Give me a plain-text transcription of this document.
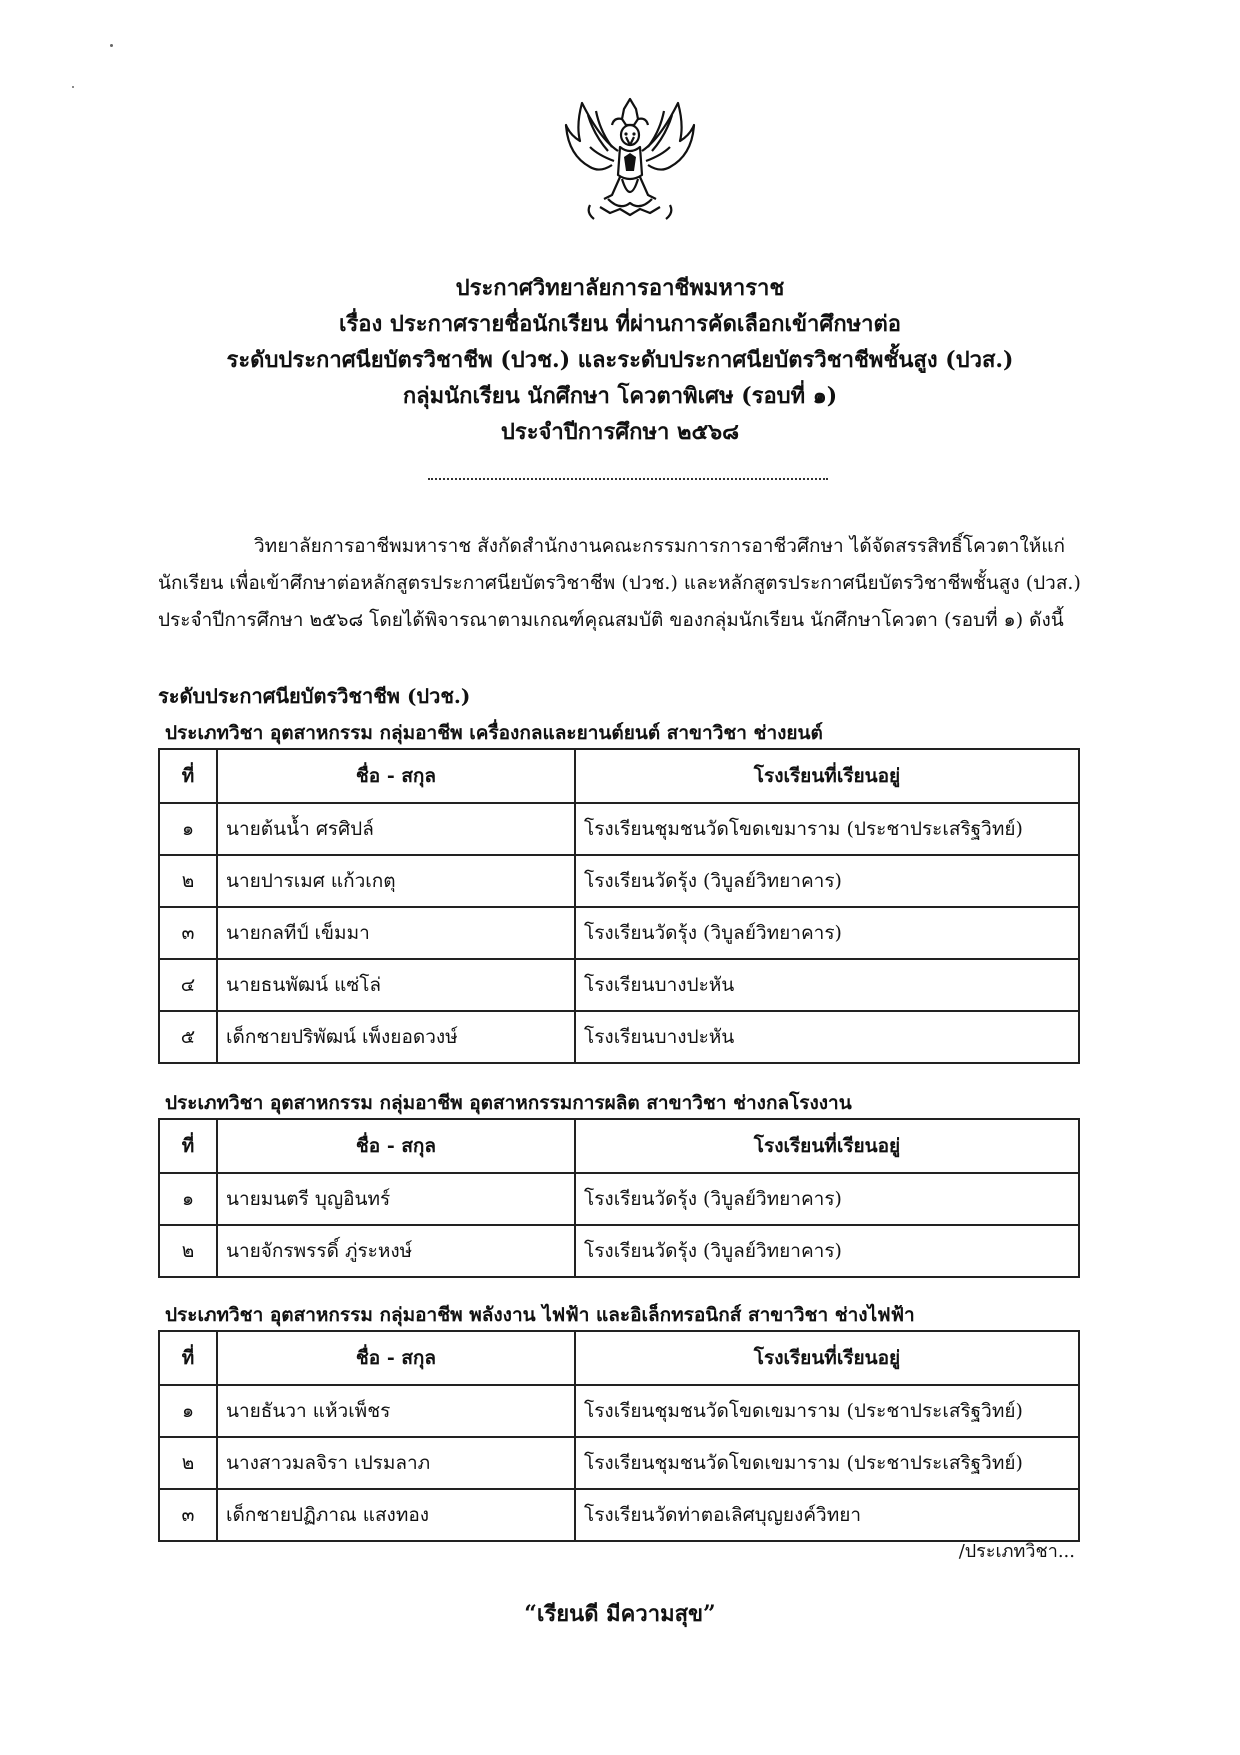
ประกาศวิทยาลัยการอาชีพมหาราช
เรื่อง ประกาศรายชื่อนักเรียน ที่ผ่านการคัดเลือกเข้าศึกษาต่อ
ระดับประกาศนียบัตรวิชาชีพ (ปวช.) และระดับประกาศนียบัตรวิชาชีพชั้นสูง (ปวส.)
กลุ่มนักเรียน นักศึกษา โควตาพิเศษ (รอบที่ ๑)
ประจำปีการศึกษา ๒๕๖๘
วิทยาลัยการอาชีพมหาราช สังกัดสำนักงานคณะกรรมการการอาชีวศึกษา ได้จัดสรรสิทธิ์โควตาให้แก่นักเรียน เพื่อเข้าศึกษาต่อหลักสูตรประกาศนียบัตรวิชาชีพ (ปวช.) และหลักสูตรประกาศนียบัตรวิชาชีพชั้นสูง (ปวส.) ประจำปีการศึกษา ๒๕๖๘ โดยได้พิจารณาตามเกณฑ์คุณสมบัติ ของกลุ่มนักเรียน นักศึกษาโควตา (รอบที่ ๑) ดังนี้
ระดับประกาศนียบัตรวิชาชีพ (ปวช.)
ประเภทวิชา อุตสาหกรรม กลุ่มอาชีพ เครื่องกลและยานต์ยนต์ สาขาวิชา ช่างยนต์
ที่	ชื่อ - สกุล	โรงเรียนที่เรียนอยู่
๑	นายต้นน้ำ ศรศิปล์	โรงเรียนชุมชนวัดโขดเขมาราม (ประชาประเสริฐวิทย์)
๒	นายปารเมศ แก้วเกตุ	โรงเรียนวัดรุ้ง (วิบูลย์วิทยาคาร)
๓	นายกลทีป์ เข็มมา	โรงเรียนวัดรุ้ง (วิบูลย์วิทยาคาร)
๔	นายธนพัฒน์ แซ่โล่	โรงเรียนบางปะหัน
๕	เด็กชายปริพัฒน์ เพ็งยอดวงษ์	โรงเรียนบางปะหัน
ประเภทวิชา อุตสาหกรรม กลุ่มอาชีพ อุตสาหกรรมการผลิต สาขาวิชา ช่างกลโรงงาน
ที่	ชื่อ - สกุล	โรงเรียนที่เรียนอยู่
๑	นายมนตรี บุญอินทร์	โรงเรียนวัดรุ้ง (วิบูลย์วิทยาคาร)
๒	นายจักรพรรดิ์ ภู่ระหงษ์	โรงเรียนวัดรุ้ง (วิบูลย์วิทยาคาร)
ประเภทวิชา อุตสาหกรรม กลุ่มอาชีพ พลังงาน ไฟฟ้า และอิเล็กทรอนิกส์ สาขาวิชา ช่างไฟฟ้า
ที่	ชื่อ - สกุล	โรงเรียนที่เรียนอยู่
๑	นายธันวา แห้วเพ็ชร	โรงเรียนชุมชนวัดโขดเขมาราม (ประชาประเสริฐวิทย์)
๒	นางสาวมลจิรา เปรมลาภ	โรงเรียนชุมชนวัดโขดเขมาราม (ประชาประเสริฐวิทย์)
๓	เด็กชายปฏิภาณ แสงทอง	โรงเรียนวัดท่าตอเลิศบุญยงค์วิทยา
/ประเภทวิชา...
“เรียนดี มีความสุข”
